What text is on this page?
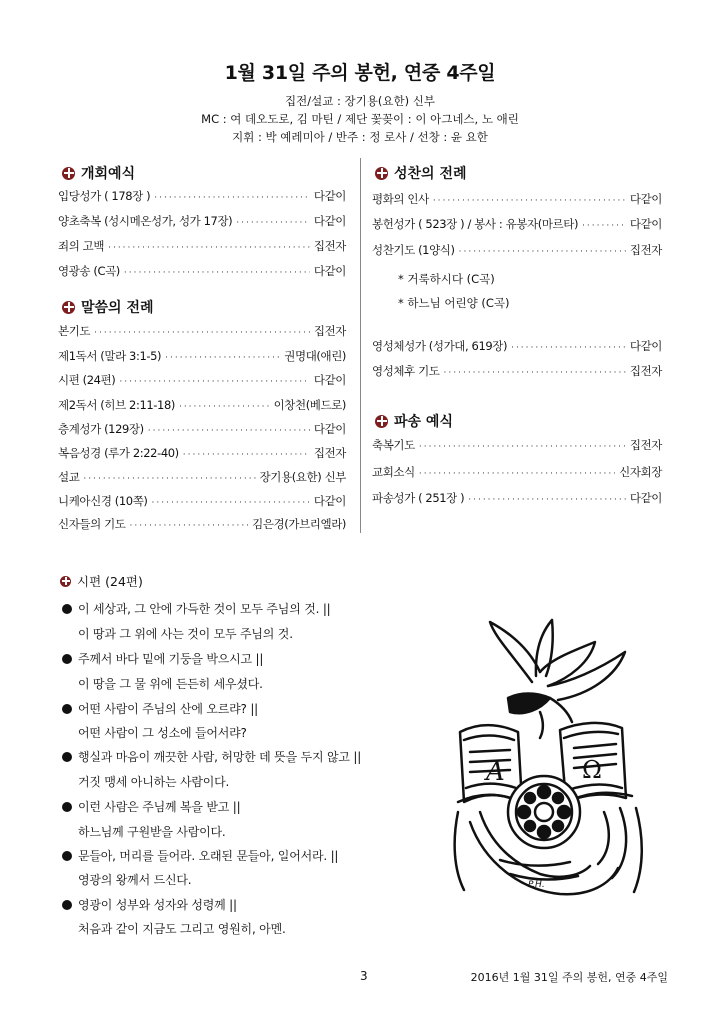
1월 31일 주의 봉헌, 연중 4주일
집전/설교 : 장기용(요한) 신부
MC : 여 데오도로, 김 마틴 / 제단 꽃꽂이 : 이 아그네스, 노 애린
지휘 : 박 예레미아 / 반주 : 정 로사 / 선창 : 윤 요한
개회예식
입당성가 ( 178장 ) ·····	다같이
양초축복 (성시메온성가, 성가 17장) ·····	다같이
죄의 고백 ·····	집전자
영광송 (C곡) ·····	다같이
말씀의 전례
본기도 ·····	집전자
제1독서 (말라 3:1-5) ·····	권명대(애린)
시편 (24편) ·····	다같이
제2독서 (히브 2:11-18) ·····	이창천(베드로)
층계성가 (129장) ·····	다같이
복음성경 (루가 2:22-40) ·····	집전자
설교 ·····	장기용(요한) 신부
니케아신경 (10쪽) ·····	다같이
신자들의 기도 ·····	김은경(가브리엘라)
성찬의 전례
평화의 인사 ·····	다같이
봉헌성가 ( 523장 ) / 봉사 : 유봉자(마르타) ·····	다같이
성찬기도 (1양식) ·····	집전자
* 거룩하시다 (C곡)
* 하느님 어린양 (C곡)
영성체성가 (성가대, 619장) ·····	다같이
영성체후 기도 ·····	집전자
파송 예식
축복기도 ·····	집전자
교회소식 ·····	신자회장
파송성가 ( 251장 ) ·····	다같이
시편 (24편)
이 세상과, 그 안에 가득한 것이 모두 주님의 것. ||
이 땅과 그 위에 사는 것이 모두 주님의 것.
주께서 바다 밑에 기둥을 박으시고 ||
이 땅을 그 물 위에 든든히 세우셨다.
어떤 사람이 주님의 산에 오르랴? ||
어떤 사람이 그 성소에 들어서랴?
행실과 마음이 깨끗한 사람, 허망한 데 뜻을 두지 않고 ||
거짓 맹세 아니하는 사람이다.
이런 사람은 주님께 복을 받고 ||
하느님께 구원받을 사람이다.
문들아, 머리를 들어라. 오래된 문들아, 일어서라. ||
영광의 왕께서 드신다.
영광이 성부와 성자와 성령께 ||
처음과 같이 지금도 그리고 영원히, 아멘.
A	Ω
P.H.
3	2016년 1월 31일 주의 봉헌, 연중 4주일
